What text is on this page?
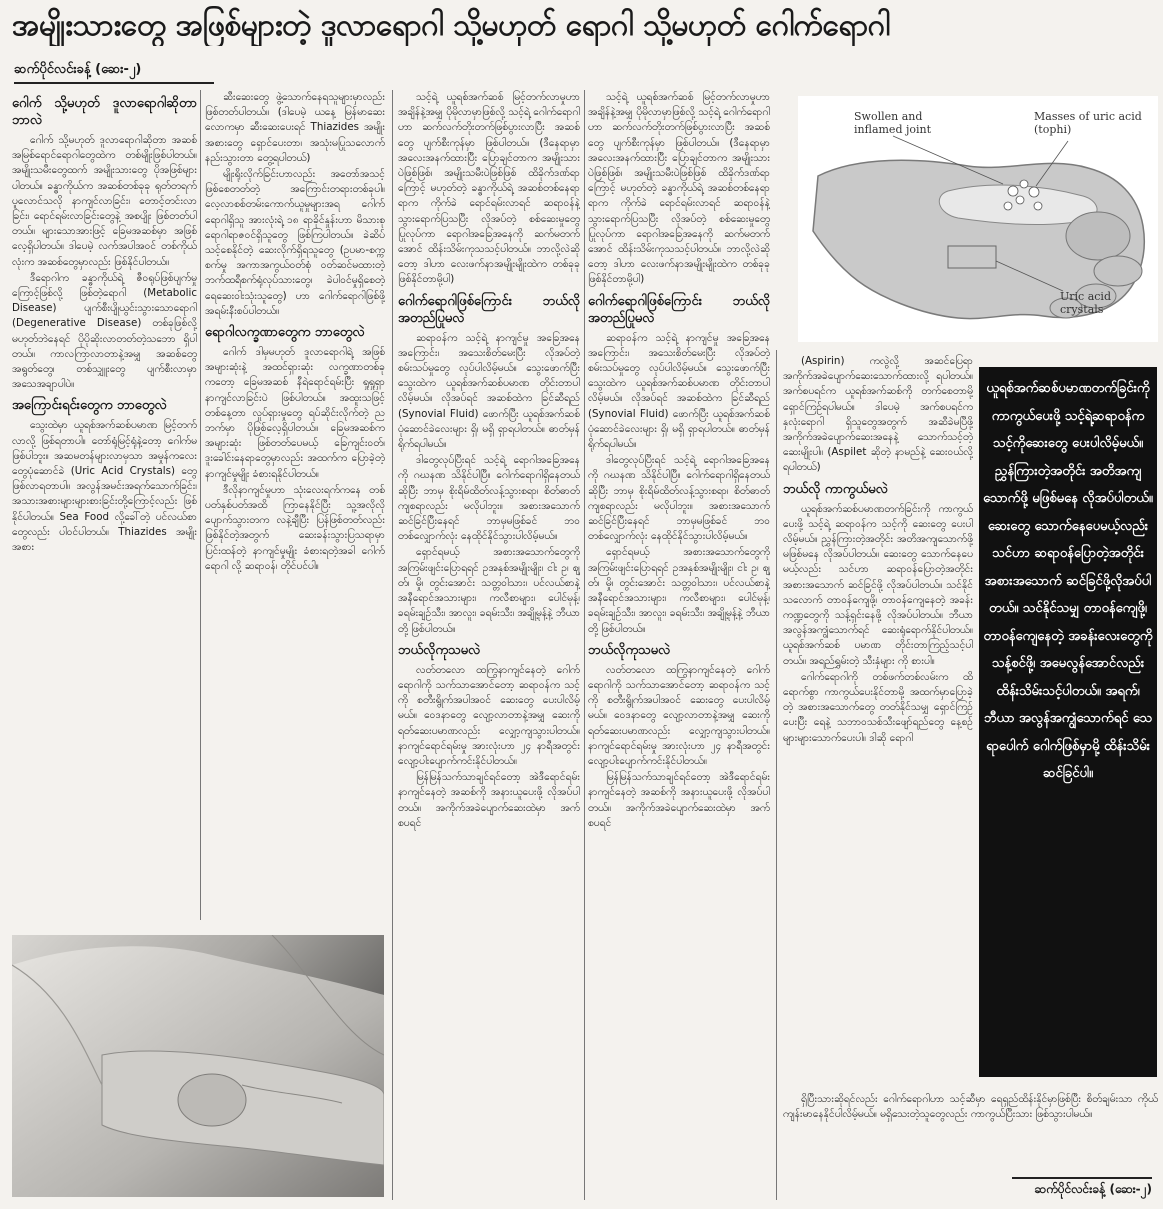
အမျိုးသားတွေ အဖြစ်များတဲ့ ဒူလာရောဂါ သို့မဟုတ် ရောဂါ သို့မဟုတ် ဂေါက်ရောဂါ
ဆက်ပိုင်လင်းခန့် (ဆေး-၂)
ဂေါက် သို့မဟုတ် ဒူလာရောဂါဆိုတာ ဘာလဲ

ဂေါက် သို့မဟုတ် ဒူလာရောဂါဆိုတာ အဆစ်အမြစ်ရောင်ရောဂါတွေထဲက တစ်မျိုးဖြစ်ပါတယ်။ အမျိုးသမီးတွေထက် အမျိုးသားတွေ ပိုအဖြစ်များပါတယ်။ ခန္ဓာကိုယ်က အဆစ်တစ်ခုခု ရုတ်တရက် ပူလောင်သလို နာကျင်လာခြင်း၊ တောင့်တင်းလာခြင်း၊ ရောင်ရမ်းလာခြင်းတွေနဲ့ အစပျိုး ဖြစ်တတ်ပါတယ်။ များသောအားဖြင့် ခြေမအဆစ်မှာ အဖြစ်လေ့ရှိပါတယ်။ ဒါပေမဲ့ လက်အပါအဝင် တစ်ကိုယ်လုံးက အဆစ်တွေမှာလည်း ဖြစ်နိုင်ပါတယ်။

ဒီရောဂါက ခန္ဓာကိုယ်ရဲ့ ဇီဝရုပ်ဖြစ်ပျက်မှုကြောင့်ဖြစ်လို့ ဖြစ်တဲ့ရောဂါ (Metabolic Disease) ပျက်စီးပျိုယွင်းသွားသောရောဂါ (Degenerative Disease) တစ်ခုဖြစ်လို့ မဟုတ်ဘဲနေရင် ပိုပိုဆိုးလာတတ်တဲ့သဘော ရှိပါတယ်။ ကာလကြာလာတာနဲ့အမျှ အဆစ်တွေ အရွတ်တွေ၊ တစ်သျှူးတွေ ပျက်စီးလာမှာ အသေအချာပါပဲ။

အကြောင်းရင်းတွေက ဘာတွေလဲ

သွေးထဲမှာ ယူရစ်အက်ဆစ်ပမာဏ မြင့်တက်လာလို့ ဖြစ်ရတာပါ။ တော်ရုံမြင့်ရုံနဲ့တော့ ဂေါက်မဖြစ်ပါဘူး။ အဆမတန်များလာမှသာ အမှုန်ကလေးတွေပုံဆောင်ခဲ (Uric Acid Crystals) တွေဖြစ်လာရတာပါ။ အလွန်အမင်းအရက်သောက်ခြင်း၊ အသားအစားများများစားခြင်းတို့ကြောင့်လည်း ဖြစ်နိုင်ပါတယ်။ Sea Food လို့ခေါ်တဲ့ ပင်လယ်စာတွေလည်း ပါဝင်ပါတယ်။ Thiazides အမျိုးအစား

ဆီးဆေးတွေ ဖွဲ့သောက်နေရသူများမှာလည်း ဖြစ်တတ်ပါတယ်။ (ဒါပေမဲ့ ယနေ့ မြန်မာဆေးလောကမှာ ဆီးဆေးပေးရင် Thiazides အမျိုးအစားတွေ ရှောင်ပေးတာ၊ အသုံးမပြုသလောက် နည်းသွားတာ တွေ့ရပါတယ်)

မျိုးရိုးလိုက်ခြင်းဟာလည်း အတော်အသင့်ဖြစ်စေတတ်တဲ့ အကြောင်းတရားတစ်ခုပါ။ လေ့လာစစ်တမ်းကောက်ယူမှုများအရ ဂေါက်ရောဂါရှိသူ အားလုံးရဲ့ ၁၈ ရာခိုင်နှုန်းဟာ မိသားစုရောဂါရာဇဝင်ရှိသူတွေ ဖြစ်ကြပါတယ်။ ခဲဆိပ်သင့်စေနိုင်တဲ့ ဆေးလိုက်ရှိရသူတွေ (ဥပမာ-စက္ကစက်မှု အကာအကွယ်ဝတ်စုံ ဝတ်ဆင်မထားတဲ့ ဘက်ထရီစက်ရုံလုပ်သားတွေ၊ ခဲပါဝင်မှုရှိစေတဲ့ ရေဆေးဝါးသုံးသူတွေ) ဟာ ဂေါက်ရောဂါဖြစ်ဖို့ အရမ်းနီးစပ်ပါတယ်။

ရောဂါလက္ခဏာတွေက ဘာတွေလဲ

ဂေါက် ဒါမှမဟုတ် ဒူလာရောဂါရဲ့ အဖြစ်အများဆုံးနဲ့ အထင်ရှားဆုံး လက္ခဏာတစ်ခုကတော့ ခြေမအဆစ် နီရဲရောင်ရမ်းပြီး ရှုရှုရှာ နာကျင်လာခြင်းပဲ ဖြစ်ပါတယ်။ အထူးသဖြင့် တစ်နေ့တာ လှုပ်ရှားမှုတွေ ရပ်ဆိုင်းလိုက်တဲ့ ညဘက်မှာ ပိုဖြစ်လေ့ရှိပါတယ်။ ခြေမအဆစ်က အများဆုံး ဖြစ်တတ်ပေမယ့် ခြေကျင်းဝတ်၊ ဒူးခေါင်းနေရာတွေမှာလည်း အထက်က ပြောခဲ့တဲ့ နာကျင်မှုမျိုး ခံစားရနိုင်ပါတယ်။

ဒီလိုနာကျင်မှုဟာ သုံးလေးရက်ကနေ တစ်ပတ်နှစ်ပတ်အထိ ကြာနေနိုင်ပြီး သူ့အလိုလို ပျောက်သွားတက လနဲ့ချီပြီး ပြန်ဖြစ်တတ်လည်းဖြစ်နိုင်တဲ့အတွက် ဆေးခန်းသွားပြသရာမှာ ပြင်းထန်တဲ့ နာကျင်မှုမျိုး ခံစားရတဲ့အခါ ဂေါက်ရောဂါ လို့ ဆရာဝန်၊ တိုင်ပင်ပါ။

သင့်ရဲ့ ယူရစ်အက်ဆစ် မြင့်တက်လာမှုဟာ အချိန်နဲ့အမျှ ပိုမိုလာမှာဖြစ်လို့ သင့်ရဲ့ ဂေါက်ရောဂါဟာ ဆက်လက်တိုးတက်ဖြစ်ပွားလာပြီး အဆစ်တွေ ပျက်စီးကုန်မှာ ဖြစ်ပါတယ်။ (ဒီနေရာမှာ အလေးအနက်ထားပြီး ပြောချင်တာက အမျိုးသားပဲဖြစ်ဖြစ်၊ အမျိုးသမီးပဲဖြစ်ဖြစ် ထိခိုက်ဒဏ်ရာကြောင့် မဟုတ်တဲ့ ခန္ဓာကိုယ်ရဲ့ အဆစ်တစ်နေရာရာက ကိုက်ခဲ ရောင်ရမ်းလာရင် ဆရာဝန်နဲ့ သွားရောက်ပြသပြီး လိုအပ်တဲ့ စစ်ဆေးမှုတွေ ပြုလုပ်ကာ ရောဂါအခြေအနေကို ဆက်မတက်အောင် ထိန်းသိမ်းကုသသင့်ပါတယ်။ ဘာလို့လဲဆိုတော့ ဒါဟာ လေးဖက်နာအမျိုးမျိုးထဲက တစ်ခုခု ဖြစ်နိုင်တာမို့ပါ)

ဂေါက်ရောဂါဖြစ်ကြောင်း ဘယ်လို အတည်ပြုမလဲ

ဆရာဝန်က သင့်ရဲ့ နာကျင်မှု အခြေအနေအကြောင်း၊ အသေးစိတ်မေးပြီး လိုအပ်တဲ့စမ်းသပ်မှုတွေ လုပ်ပါလိမ့်မယ်။ သွေးဖောက်ပြီး သွေးထဲက ယူရစ်အက်ဆစ်ပမာဏ တိုင်းတာပါလိမ့်မယ်။ လိုအပ်ရင် အဆစ်ထဲက ခြင်ဆီရည် (Synovial Fluid) ဖောက်ပြီး ယူရစ်အက်ဆစ်ပုံဆောင်ခဲလေးများ ရှိ၊ မရှိ ရှာရပါတယ်။ ဓာတ်မှန်ရိုက်ရပါမယ်။

ဒါတွေလုပ်ပြီးရင် သင့်ရဲ့ ရောဂါအခြေအနေကို ဂဃနဏ သိနိုင်ပါပြီ။ ဂေါက်ရောဂါရှိနေတယ်ဆိုပြီး ဘာမှ စိုးရိမ်ထိတ်လန့်သွားစရာ၊ စိတ်ဓာတ်ကျစရာလည်း မလိုပါဘူး။ အစားအသောက်ဆင်ခြင်ပြီးနေရင် ဘာမှမဖြစ်ခင် ဘဝတစ်လျှောက်လုံး နေထိုင်နိုင်သွားပါလိမ့်မယ်။

ရှောင်ရမယ့် အစားအသောက်တွေကို အကြမ်းဖျင်းပြောရရင် ဥအနှစ်အမျိုးမျိုး၊ ငါး ဥ၊ ဈွတ်၊ မှို၊ တွင်းအောင်း သတ္တဝါသား၊ ပင်လယ်စာနဲ့ အနီရောင်အသားများ၊ ကလီစာများ၊ ပေါင်မုန့်၊ ခရမ်းချဉ်သီး၊ အာလူး၊ ခရမ်းသီး၊ အချို့မုန့်နဲ့ ဘီယာတို့ ဖြစ်ပါတယ်။

ဘယ်လိုကုသမလဲ

လတ်တလော ထကြွနာကျင်နေတဲ့ ဂေါက်ရောဂါကို သက်သာအောင်တော့ ဆရာဝန်က သင့်ကို စတီးရွိုက်အပါအဝင် ဆေးတွေ ပေးပါလိမ့်မယ်။ ဝေဒနာတွေ လျော့လာတာနဲ့အမျှ ဆေးကိုရတ်ဆေးပမာဏလည်း လျှော့ကျသွားပါတယ်။ နာကျင်ရောင်ရမ်းမှု အားလုံးဟာ ၂၄ နာရီအတွင်း လျော့ပါးပျောက်ကင်းနိုင်ပါတယ်။

မြန်မြန်သက်သာချင်ရင်တော့ အဲဒီရောင်ရမ်းနာကျင်နေတဲ့ အဆစ်ကို အနားယူပေးဖို့ လိုအပ်ပါတယ်။ အကိုက်အခဲပျောက်ဆေးထဲမှာ အက်စပရင်

သင့်ရဲ့ ယူရစ်အက်ဆစ် မြင့်တက်လာမှုဟာ အချိန်နဲ့အမျှ ပိုမိုလာမှာဖြစ်လို့ သင့်ရဲ့ ဂေါက်ရောဂါဟာ ဆက်လက်တိုးတက်ဖြစ်ပွားလာပြီး အဆစ်တွေ ပျက်စီးကုန်မှာ ဖြစ်ပါတယ်။ (ဒီနေရာမှာ အလေးအနက်ထားပြီး ပြောချင်တာက အမျိုးသားပဲဖြစ်ဖြစ်၊ အမျိုးသမီးပဲဖြစ်ဖြစ် ထိခိုက်ဒဏ်ရာကြောင့် မဟုတ်တဲ့ ခန္ဓာကိုယ်ရဲ့ အဆစ်တစ်နေရာရာက ကိုက်ခဲ ရောင်ရမ်းလာရင် ဆရာဝန်နဲ့ သွားရောက်ပြသပြီး လိုအပ်တဲ့ စစ်ဆေးမှုတွေ ပြုလုပ်ကာ ရောဂါအခြေအနေကို ဆက်မတက်အောင် ထိန်းသိမ်းကုသသင့်ပါတယ်။ ဘာလို့လဲဆိုတော့ ဒါဟာ လေးဖက်နာအမျိုးမျိုးထဲက တစ်ခုခု ဖြစ်နိုင်တာမို့ပါ)

ဂေါက်ရောဂါဖြစ်ကြောင်း ဘယ်လို အတည်ပြုမလဲ

ဆရာဝန်က သင့်ရဲ့ နာကျင်မှု အခြေအနေအကြောင်း၊ အသေးစိတ်မေးပြီး လိုအပ်တဲ့စမ်းသပ်မှုတွေ လုပ်ပါလိမ့်မယ်။ သွေးဖောက်ပြီး သွေးထဲက ယူရစ်အက်ဆစ်ပမာဏ တိုင်းတာပါလိမ့်မယ်။ လိုအပ်ရင် အဆစ်ထဲက ခြင်ဆီရည် (Synovial Fluid) ဖောက်ပြီး ယူရစ်အက်ဆစ်ပုံဆောင်ခဲလေးများ ရှိ၊ မရှိ ရှာရပါတယ်။ ဓာတ်မှန်ရိုက်ရပါမယ်။

ဒါတွေလုပ်ပြီးရင် သင့်ရဲ့ ရောဂါအခြေအနေကို ဂဃနဏ သိနိုင်ပါပြီ။ ဂေါက်ရောဂါရှိနေတယ်ဆိုပြီး ဘာမှ စိုးရိမ်ထိတ်လန့်သွားစရာ၊ စိတ်ဓာတ်ကျစရာလည်း မလိုပါဘူး။ အစားအသောက်ဆင်ခြင်ပြီးနေရင် ဘာမှမဖြစ်ခင် ဘဝတစ်လျှောက်လုံး နေထိုင်နိုင်သွားပါလိမ့်မယ်။

ရှောင်ရမယ့် အစားအသောက်တွေကို အကြမ်းဖျင်းပြောရရင် ဥအနှစ်အမျိုးမျိုး၊ ငါး ဥ၊ ဈွတ်၊ မှို၊ တွင်းအောင်း သတ္တဝါသား၊ ပင်လယ်စာနဲ့ အနီရောင်အသားများ၊ ကလီစာများ၊ ပေါင်မုန့်၊ ခရမ်းချဉ်သီး၊ အာလူး၊ ခရမ်းသီး၊ အချို့မုန့်နဲ့ ဘီယာတို့ ဖြစ်ပါတယ်။

ဘယ်လိုကုသမလဲ

လတ်တလော ထကြွနာကျင်နေတဲ့ ဂေါက်ရောဂါကို သက်သာအောင်တော့ ဆရာဝန်က သင့်ကို စတီးရွိုက်အပါအဝင် ဆေးတွေ ပေးပါလိမ့်မယ်။ ဝေဒနာတွေ လျော့လာတာနဲ့အမျှ ဆေးကိုရတ်ဆေးပမာဏလည်း လျှော့ကျသွားပါတယ်။ နာကျင်ရောင်ရမ်းမှု အားလုံးဟာ ၂၄ နာရီအတွင်း လျော့ပါးပျောက်ကင်းနိုင်ပါတယ်။

မြန်မြန်သက်သာချင်ရင်တော့ အဲဒီရောင်ရမ်းနာကျင်နေတဲ့ အဆစ်ကို အနားယူပေးဖို့ လိုအပ်ပါတယ်။ အကိုက်အခဲပျောက်ဆေးထဲမှာ အက်စပရင်

Swollen and inflamed joint
Masses of uric acid (tophi)
Uric acid crystals

(Aspirin) ကလွဲလို့ အဆင်ပြေရာ အကိုက်အခဲပျောက်ဆေးသောက်ထားလို့ ရပါတယ်။ အက်စပရင်က ယူရစ်အက်ဆစ်ကို တက်စေတာမို့ ရှောင်ကြဉ်ရပါမယ်။ ဒါပေမဲ့ အက်စပရင်က နှလုံးရောဂါ ရှိသူတွေအတွက် အဆီခဲမပြီဖို့ အကိုက်အခဲပျောက်ဆေးအနေနဲ့ သောက်သင့်တဲ့ဆေးမျိုးပါ။ (Aspilet ဆိုတဲ့ နာမည်နဲ့ ဆေးဝယ်လို့ရပါတယ်)

ဘယ်လို ကာကွယ်မလဲ

ယူရစ်အက်ဆစ်ပမာဏတက်ခြင်းကို ကာကွယ်ပေးဖို့ သင့်ရဲ့ ဆရာဝန်က သင့်ကို ဆေးတွေ ပေးပါလိမ့်မယ်။ ညွှန်ကြားတဲ့အတိုင်း အတိအကျသောက်ဖို့ မဖြစ်မနေ လိုအပ်ပါတယ်။ ဆေးတွေ သောက်နေပေမယ့်လည်း သင်ဟာ ဆရာဝန်ပြောတဲ့အတိုင်း အစားအသောက် ဆင်ခြင်ဖို့ လိုအပ်ပါတယ်။ သင်နိုင်သလောက် တာဝန်ကျေဖို့၊ တာဝန်ကျေနေတဲ့ အခန်းကဏ္ဍတွေကို သန့်ရှင်းနေဖို့ လိုအပ်ပါတယ်။ ဘီယာ အလွန်အကျွံသောက်ရင် ဆေးရုံရောက်နိုင်ပါတယ်။ ယူရစ်အက်ဆစ် ပမာဏ တိုင်းတာကြည့်သင့်ပါတယ်။ အရည်ရွှမ်းတဲ့ သီးနှံများ ကို စားပါ။

ဂေါက်ရောဂါကို တစ်ဖက်တစ်လမ်းက ထိရောက်စွာ ကာကွယ်ပေးနိုင်တာမို့ အထက်မှာပြောခဲ့တဲ့ အစားအသောက်တွေ တတ်နိုင်သမျှ ရှောင်ကြဉ်ပေးပြီး ရေနဲ့ သဘာဝသစ်သီးဖျော်ရည်တွေ နေ့စဉ် များများသောက်ပေးပါ။ ဒါဆို ရောဂါ

ယူရစ်အက်ဆစ်ပမာဏတက်ခြင်းကို ကာကွယ်ပေးဖို့ သင့်ရဲ့ဆရာဝန်က သင့်ကိုဆေးတွေ ပေးပါလိမ့်မယ်။ ညွှန်ကြားတဲ့အတိုင်း အတိအကျသောက်ဖို့ မဖြစ်မနေ လိုအပ်ပါတယ်။ ဆေးတွေ သောက်နေပေမယ့်လည်း သင်ဟာ ဆရာဝန်ပြောတဲ့အတိုင်း အစားအသောက် ဆင်ခြင်ဖို့လိုအပ်ပါတယ်။ သင်နိုင်သမျှ တာဝန်ကျေဖို့၊ တာဝန်ကျေနေတဲ့ အခန်းလေးတွေကို သန့်စင်ဖို့၊ အမေလွန်အောင်လည်း ထိန်းသိမ်းသင့်ပါတယ်။ အရက်၊ ဘီယာ အလွန်အကျွံသောက်ရင် သေရာပေါက် ဂေါက်ဖြစ်မှာမို့ ထိန်းသိမ်းဆင်ခြင်ပါ။

ရှိပြီးသားဆိုရင်လည်း ဂေါက်ရောဂါဟာ သင့်ဆီမှာ ရေရှည်ထိန်းနိုင်မှာဖြစ်ပြီး စိတ်ချမ်းသာ ကိုယ်ကျန်းမာနေနိုင်ပါလိမ့်မယ်။ မရှိသေးတဲ့သူတွေလည်း ကာကွယ်ပြီးသား ဖြစ်သွားပါမယ်။

ဆက်ပိုင်လင်းခန့် (ဆေး-၂)
